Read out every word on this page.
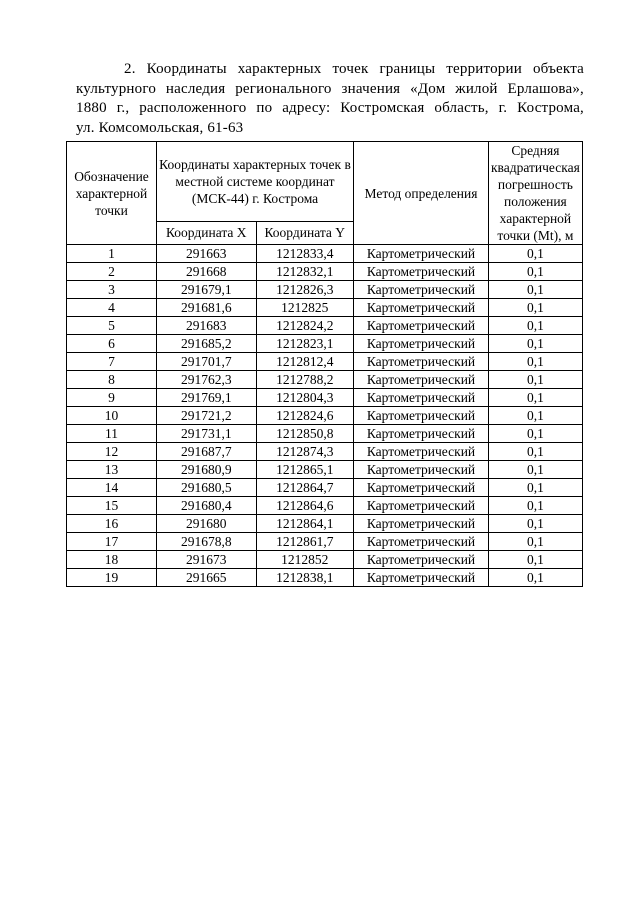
2. Координаты характерных точек границы территории объекта
культурного наследия регионального значения «Дом жилой Ерлашова»,
1880 г., расположенного по адресу: Костромская область, г. Кострома,
ул. Комсомольская, 61-63
Обозначение характерной точки	Координаты характерных точек в местной системе координат (МСК-44) г. Кострома		Метод определения	Средняя квадратическая погрешность положения характерной точки (Mt), м
	Координата X	Координата Y		
1	291663	1212833,4	Картометрический	0,1
2	291668	1212832,1	Картометрический	0,1
3	291679,1	1212826,3	Картометрический	0,1
4	291681,6	1212825	Картометрический	0,1
5	291683	1212824,2	Картометрический	0,1
6	291685,2	1212823,1	Картометрический	0,1
7	291701,7	1212812,4	Картометрический	0,1
8	291762,3	1212788,2	Картометрический	0,1
9	291769,1	1212804,3	Картометрический	0,1
10	291721,2	1212824,6	Картометрический	0,1
11	291731,1	1212850,8	Картометрический	0,1
12	291687,7	1212874,3	Картометрический	0,1
13	291680,9	1212865,1	Картометрический	0,1
14	291680,5	1212864,7	Картометрический	0,1
15	291680,4	1212864,6	Картометрический	0,1
16	291680	1212864,1	Картометрический	0,1
17	291678,8	1212861,7	Картометрический	0,1
18	291673	1212852	Картометрический	0,1
19	291665	1212838,1	Картометрический	0,1
